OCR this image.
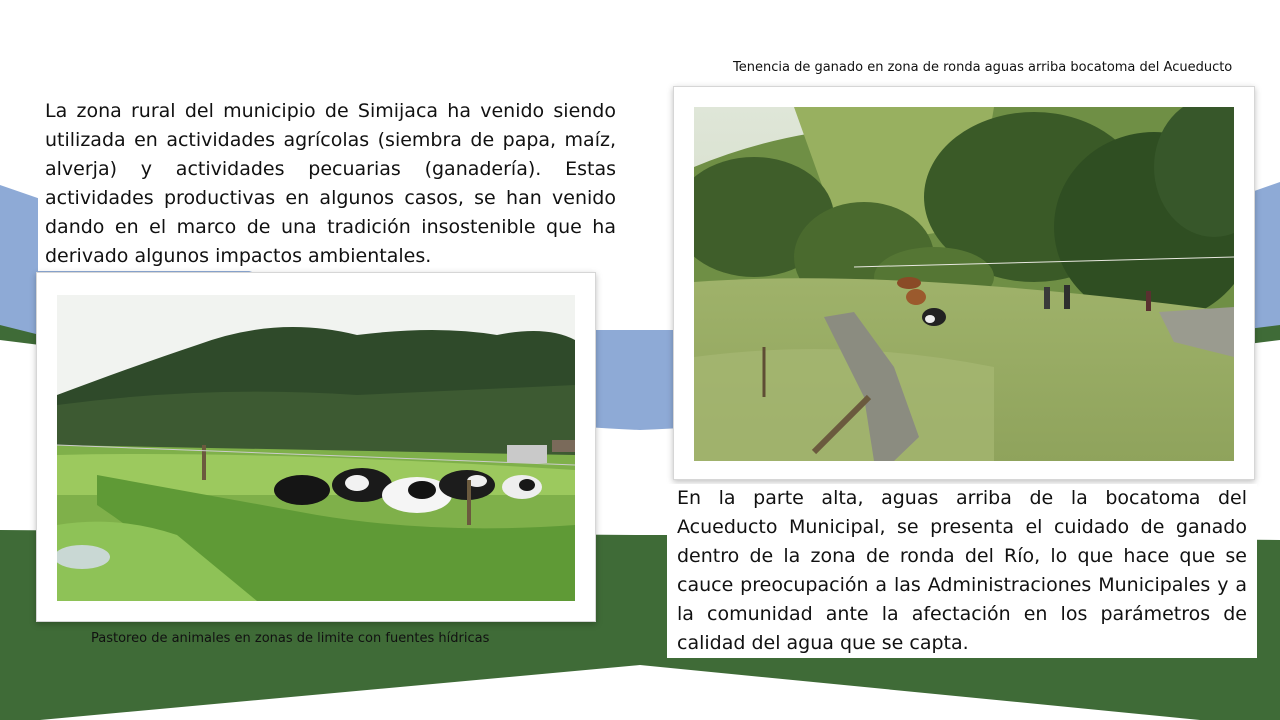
La zona rural del municipio de Simijaca ha venido siendo utilizada en actividades agrícolas (siembra de papa, maíz, alverja) y actividades pecuarias (ganadería). Estas actividades productivas en algunos casos, se han venido dando en el marco de una tradición insostenible que ha derivado algunos impactos ambientales.
Tenencia de ganado en zona de ronda aguas arriba bocatoma del Acueducto
Pastoreo de animales en zonas de limite con fuentes hídricas
En la parte alta, aguas arriba de la bocatoma del Acueducto Municipal, se presenta el cuidado de ganado dentro de la zona de ronda del Río, lo que hace que se cauce preocupación a las Administraciones Municipales y a la comunidad ante la afectación en los parámetros de calidad del agua que se capta.
